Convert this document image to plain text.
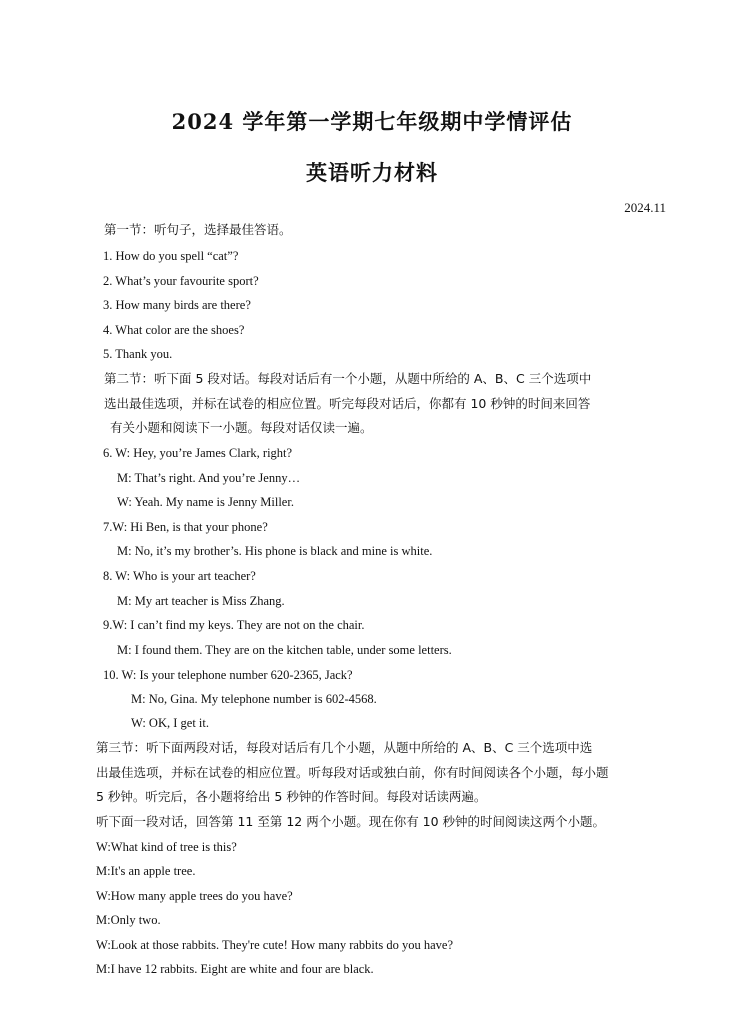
2024 学年第一学期七年级期中学情评估
英语听力材料
2024.11
第一节：听句子，选择最佳答语。
1. How do you spell “cat”?
2. What’s your favourite sport?
3. How many birds are there?
4. What color are the shoes?
5. Thank you.
第二节：听下面 5 段对话。每段对话后有一个小题，从题中所给的 A、B、C 三个选项中
选出最佳选项，并标在试卷的相应位置。听完每段对话后，你都有 10 秒钟的时间来回答
有关小题和阅读下一小题。每段对话仅读一遍。
6. W: Hey, you’re James Clark, right?
M: That’s right. And you’re Jenny…
W: Yeah. My name is Jenny Miller.
7.W: Hi Ben, is that your phone?
M: No, it’s my brother’s. His phone is black and mine is white.
8. W: Who is your art teacher?
M: My art teacher is Miss Zhang.
9.W: I can’t find my keys. They are not on the chair.
M: I found them. They are on the kitchen table, under some letters.
10. W: Is your telephone number 620-2365, Jack?
M: No, Gina. My telephone number is 602-4568.
W: OK, I get it.
第三节：听下面两段对话，每段对话后有几个小题，从题中所给的 A、B、C 三个选项中选
出最佳选项，并标在试卷的相应位置。听每段对话或独白前，你有时间阅读各个小题，每小题
5 秒钟。听完后，各小题将给出 5 秒钟的作答时间。每段对话读两遍。
听下面一段对话，回答第 11 至第 12 两个小题。现在你有 10 秒钟的时间阅读这两个小题。
W:What kind of tree is this?
M:It's an apple tree.
W:How many apple trees do you have?
M:Only two.
W:Look at those rabbits. They're cute! How many rabbits do you have?
M:I have 12 rabbits. Eight are white and four are black.
